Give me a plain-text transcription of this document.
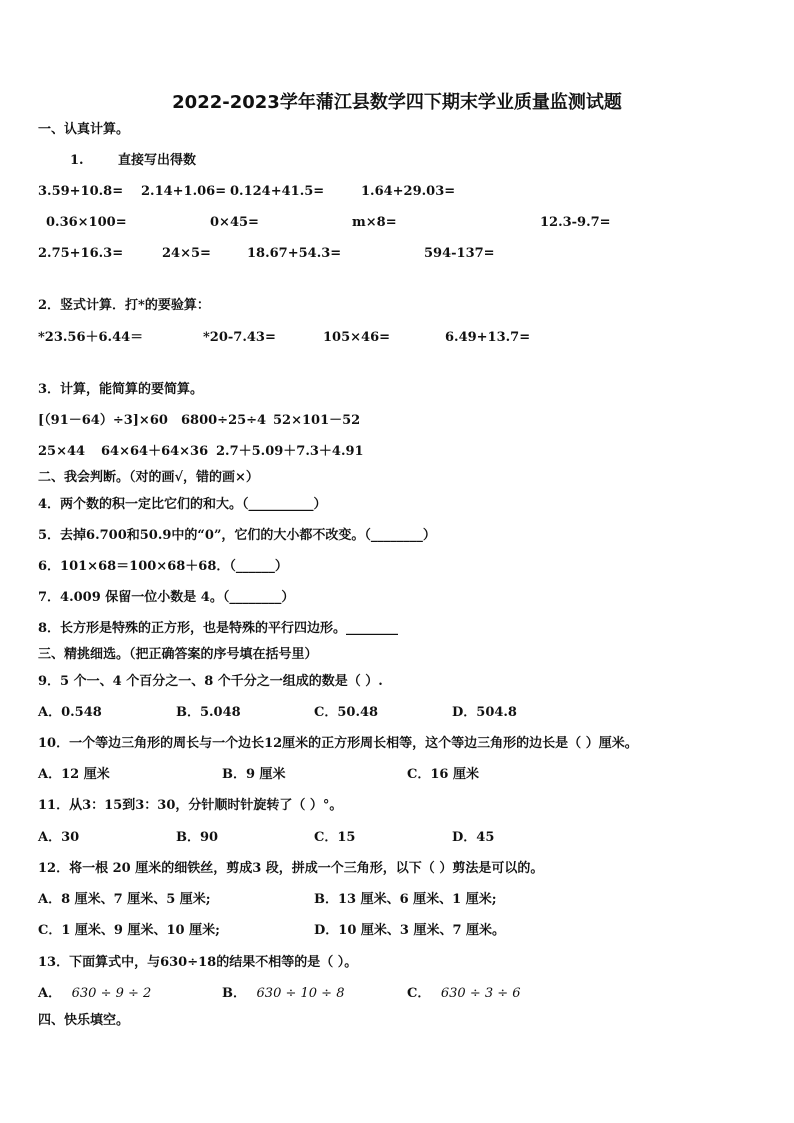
2022-2023学年蒲江县数学四下期末学业质量监测试题
一、认真计算。
1.	直接写出得数
3.59+10.8= 2.14+1.06= 0.124+41.5=	1.64+29.03=
0.36×100=	0×45=	m×8=	12.3-9.7=
2.75+16.3=	24×5=	18.67+54.3=	594-137=
2．竖式计算．打*的要验算：
*23.56＋6.44＝	*20-7.43=	105×46=	6.49+13.7=
3．计算，能简算的要简算。
[（91－64）÷3]×60 6800÷25÷4 52×101－52
25×44 64×64＋64×36 2.7＋5.09＋7.3＋4.91
二、我会判断。（对的画√，错的画×）
4．两个数的积一定比它们的和大。（__________）
5．去掉6.700和50.9中的“0”，它们的大小都不改变。（________）
6．101×68＝100×68＋68．（______）
7．4.009 保留一位小数是 4。（________）
8．长方形是特殊的正方形，也是特殊的平行四边形。________
三、精挑细选。（把正确答案的序号填在括号里）
9．5 个一、4 个百分之一、8 个千分之一组成的数是（ ）.
A．0.548	B．5.048	C．50.48	D．504.8
10．一个等边三角形的周长与一个边长12厘米的正方形周长相等，这个等边三角形的边长是（ ）厘米。
A．12 厘米	B．9 厘米	C．16 厘米
11．从3：15到3：30，分针顺时针旋转了（ ）°。
A．30	B．90	C．15	D．45
12．将一根 20 厘米的细铁丝，剪成3 段，拼成一个三角形，以下（ ）剪法是可以的。
A．8 厘米、7 厘米、5 厘米;	B．13 厘米、6 厘米、1 厘米;
C．1 厘米、9 厘米、10 厘米;	D．10 厘米、3 厘米、7 厘米。
13．下面算式中，与630÷18的结果不相等的是（ ）。
A． 630 ÷ 9 ÷ 2	B． 630 ÷ 10 ÷ 8	C． 630 ÷ 3 ÷ 6
四、快乐填空。
